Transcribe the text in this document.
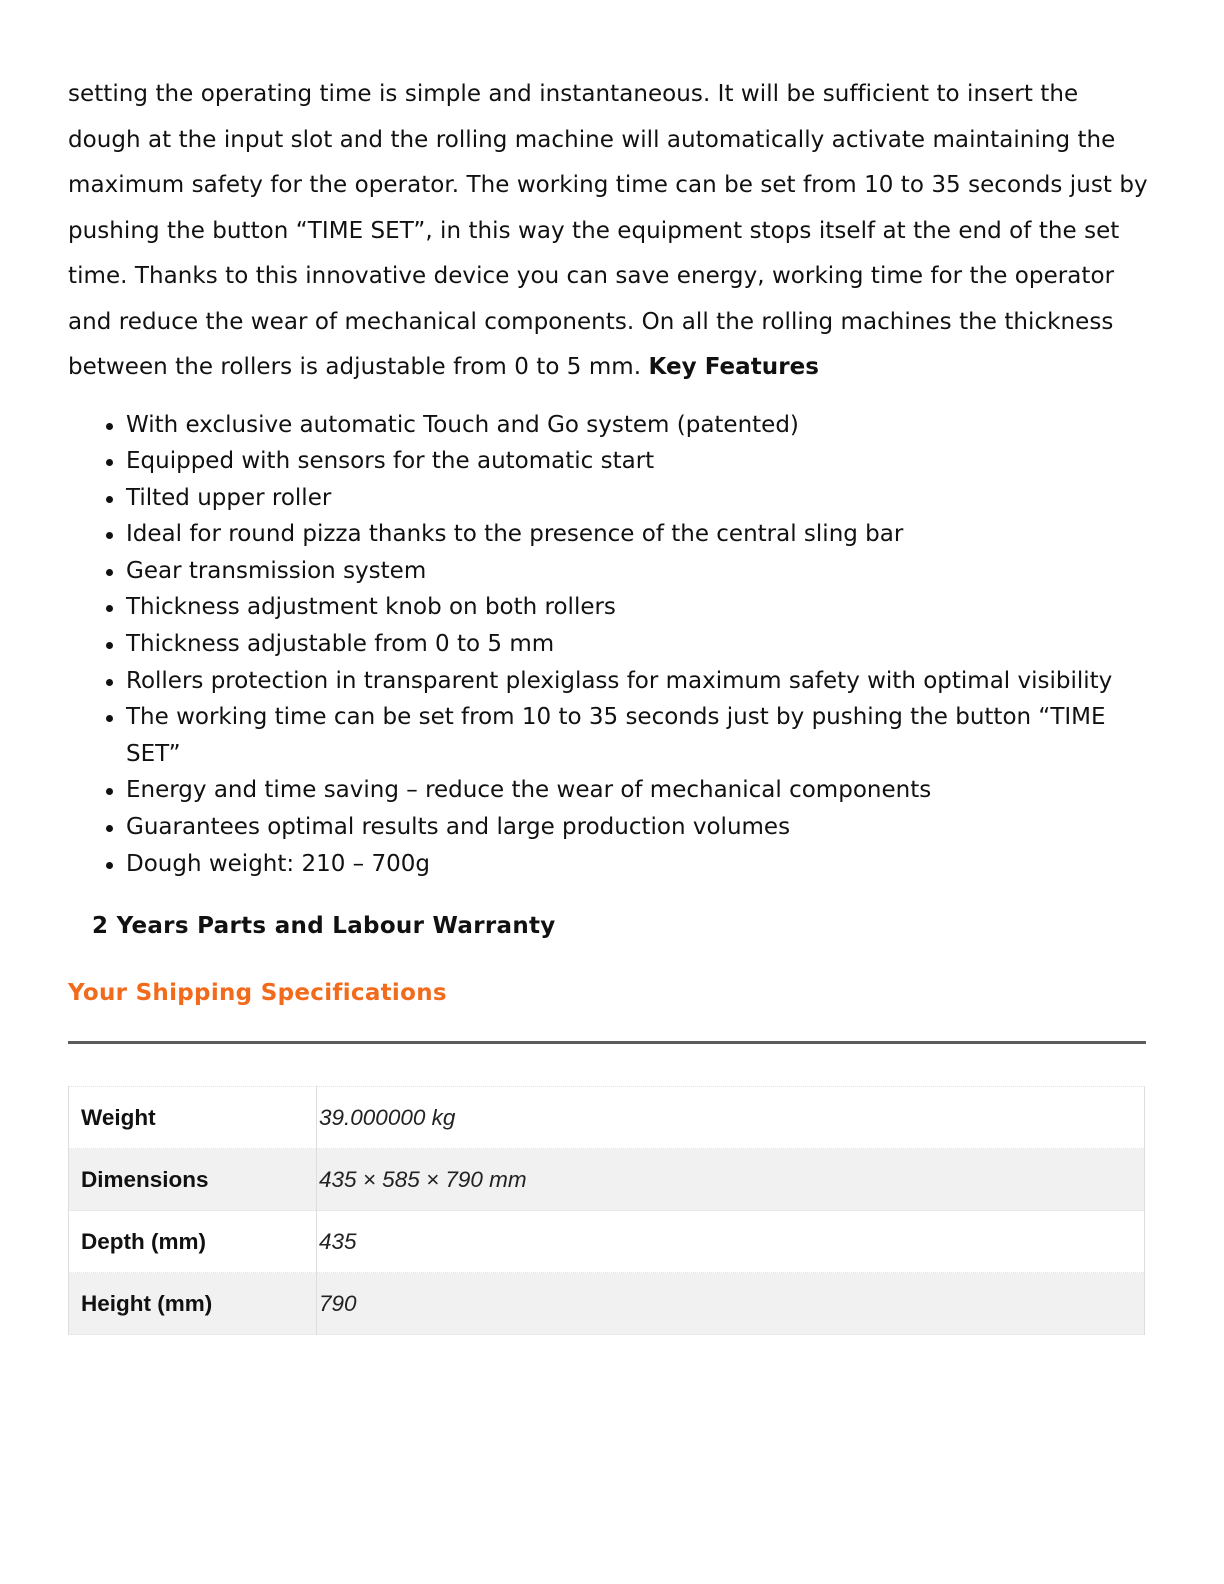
setting the operating time is simple and instantaneous. It will be sufficient to insert the dough at the input slot and the rolling machine will automatically activate maintaining the maximum safety for the operator. The working time can be set from 10 to 35 seconds just by pushing the button “TIME SET”, in this way the equipment stops itself at the end of the set time. Thanks to this innovative device you can save energy, working time for the operator and reduce the wear of mechanical components. On all the rolling machines the thickness between the rollers is adjustable from 0 to 5 mm. Key Features

With exclusive automatic Touch and Go system (patented)
Equipped with sensors for the automatic start
Tilted upper roller
Ideal for round pizza thanks to the presence of the central sling bar
Gear transmission system
Thickness adjustment knob on both rollers
Thickness adjustable from 0 to 5 mm
Rollers protection in transparent plexiglass for maximum safety with optimal visibility
The working time can be set from 10 to 35 seconds just by pushing the button “TIME SET”
Energy and time saving – reduce the wear of mechanical components
Guarantees optimal results and large production volumes
Dough weight: 210 – 700g
2 Years Parts and Labour Warranty
Your Shipping Specifications
Weight	39.000000 kg
Dimensions	435 × 585 × 790 mm
Depth (mm)	435
Height (mm)	790
